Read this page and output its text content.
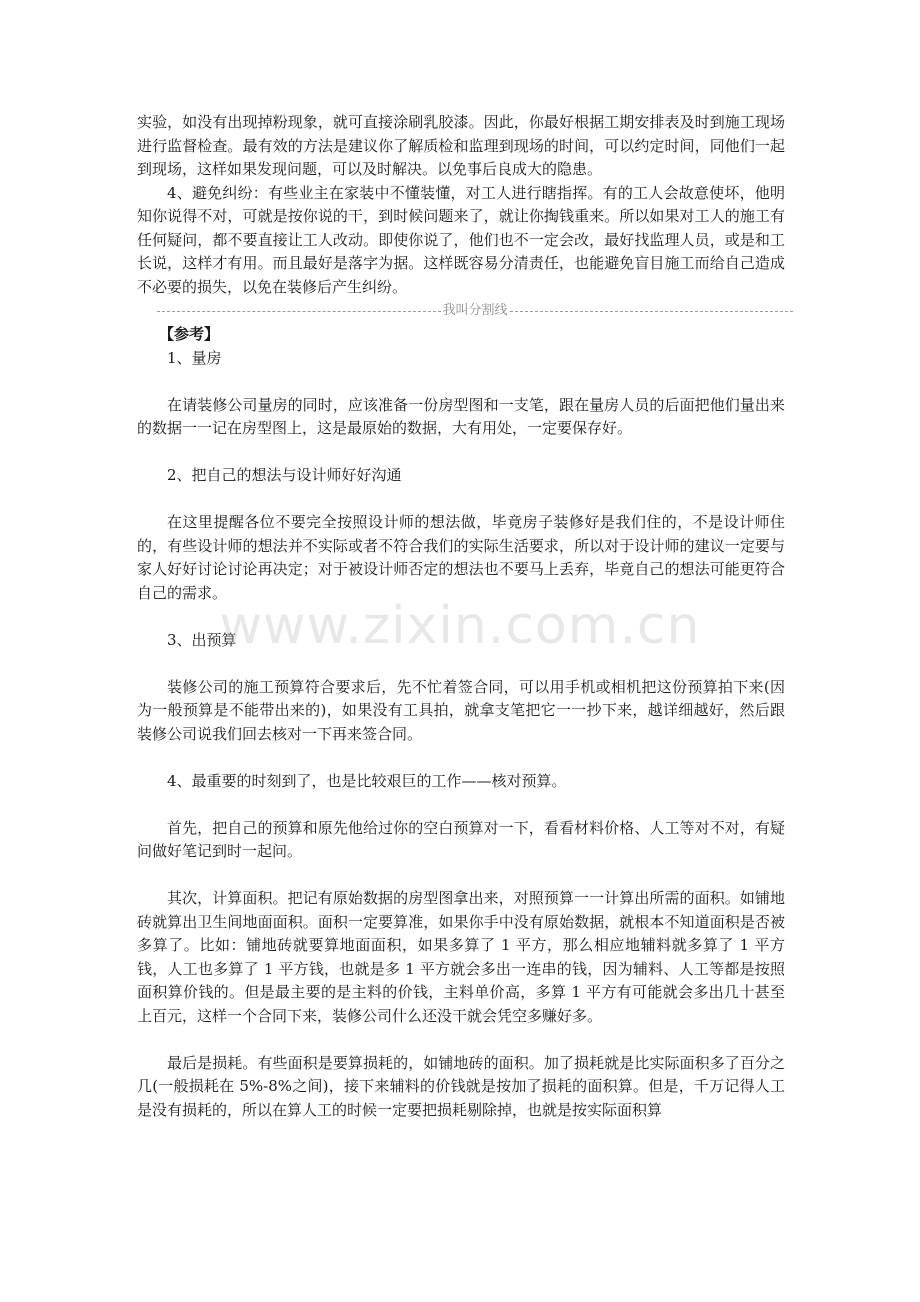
实验，如没有出现掉粉现象，就可直接涂刷乳胶漆。因此，你最好根据工期安排表及时到施工现场进行监督检查。最有效的方法是建议你了解质检和监理到现场的时间，可以约定时间，同他们一起到现场，这样如果发现问题，可以及时解决。以免事后良成大的隐患。

4、避免纠纷：有些业主在家装中不懂装懂，对工人进行瞎指挥。有的工人会故意使坏，他明知你说得不对，可就是按你说的干，到时候问题来了，就让你掏钱重来。所以如果对工人的施工有任何疑问，都不要直接让工人改动。即使你说了，他们也不一定会改，最好找监理人员，或是和工长说，这样才有用。而且最好是落字为据。这样既容易分清责任，也能避免盲目施工而给自己造成不必要的损失，以免在装修后产生纠纷。

我叫分割线

【参考】

1、量房

在请装修公司量房的同时，应该准备一份房型图和一支笔，跟在量房人员的后面把他们量出来的数据一一记在房型图上，这是最原始的数据，大有用处，一定要保存好。

2、把自己的想法与设计师好好沟通

在这里提醒各位不要完全按照设计师的想法做，毕竟房子装修好是我们住的，不是设计师住的，有些设计师的想法并不实际或者不符合我们的实际生活要求，所以对于设计师的建议一定要与家人好好讨论讨论再决定；对于被设计师否定的想法也不要马上丢弃，毕竟自己的想法可能更符合自己的需求。

3、出预算

装修公司的施工预算符合要求后，先不忙着签合同，可以用手机或相机把这份预算拍下来(因为一般预算是不能带出来的)，如果没有工具拍，就拿支笔把它一一抄下来，越详细越好，然后跟装修公司说我们回去核对一下再来签合同。

4、最重要的时刻到了，也是比较艰巨的工作——核对预算。

首先，把自己的预算和原先他给过你的空白预算对一下，看看材料价格、人工等对不对，有疑问做好笔记到时一起问。

其次，计算面积。把记有原始数据的房型图拿出来，对照预算一一计算出所需的面积。如铺地砖就算出卫生间地面面积。面积一定要算准，如果你手中没有原始数据，就根本不知道面积是否被多算了。比如：铺地砖就要算地面面积，如果多算了 1 平方，那么相应地辅料就多算了 1 平方钱，人工也多算了 1 平方钱，也就是多 1 平方就会多出一连串的钱，因为辅料、人工等都是按照面积算价钱的。但是最主要的是主料的价钱，主料单价高，多算 1 平方有可能就会多出几十甚至上百元，这样一个合同下来，装修公司什么还没干就会凭空多赚好多。

最后是损耗。有些面积是要算损耗的，如铺地砖的面积。加了损耗就是比实际面积多了百分之几(一般损耗在 5%-8%之间)，接下来辅料的价钱就是按加了损耗的面积算。但是，千万记得人工是没有损耗的，所以在算人工的时候一定要把损耗剔除掉，也就是按实际面积算

www.zixin.com.cn
